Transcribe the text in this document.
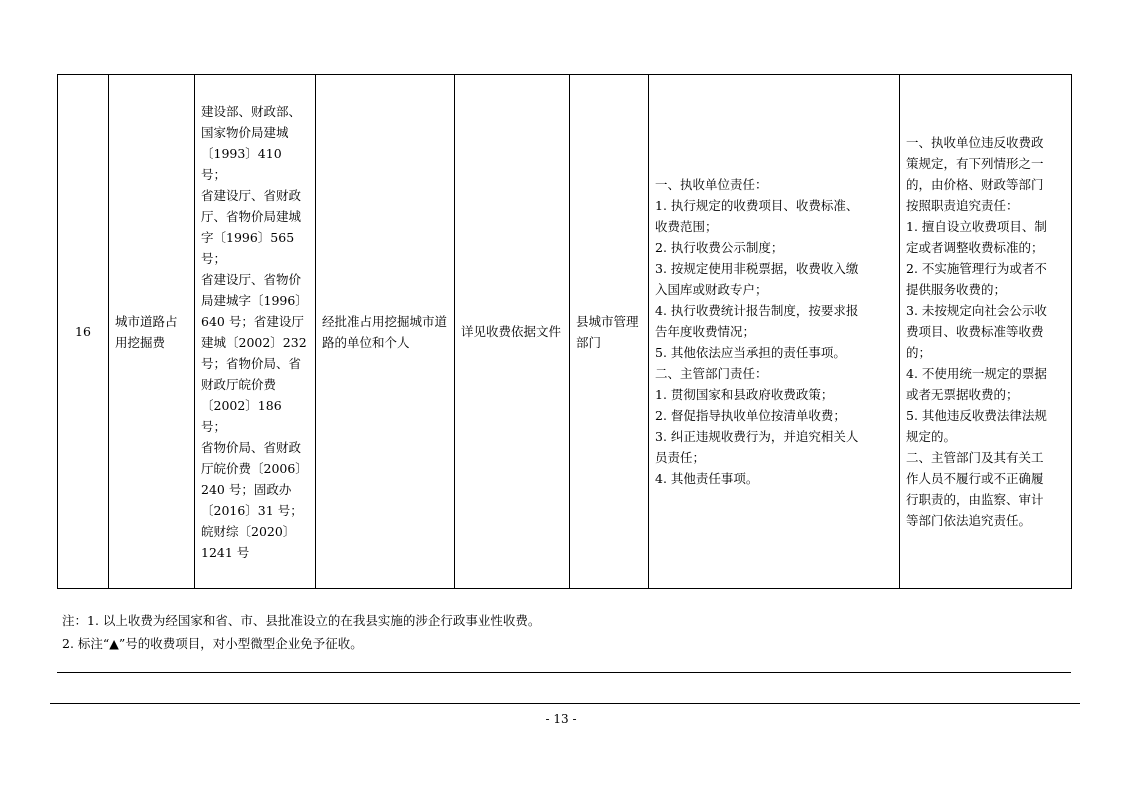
16	城市道路占用挖掘费	建设部、财政部、
国家物价局建城
〔1993〕410 号；
省建设厅、省财政
厅、省物价局建城
字〔1996〕565 号；
省建设厅、省物价
局建城字〔1996〕
640 号；省建设厅
建城〔2002〕232
号；省物价局、省
财政厅皖价费
〔2002〕186 号；
省物价局、省财政
厅皖价费〔2006〕
240 号；固政办
〔2016〕31 号；
皖财综〔2020〕
1241 号	经批准占用挖掘城市道路的单位和个人	详见收费依据文件	县城市管理部门	一、执收单位责任：
1. 执行规定的收费项目、收费标准、
收费范围；
2. 执行收费公示制度；
3. 按规定使用非税票据，收费收入缴
入国库或财政专户；
4. 执行收费统计报告制度，按要求报
告年度收费情况；
5. 其他依法应当承担的责任事项。
二、主管部门责任：
1. 贯彻国家和县政府收费政策；
2. 督促指导执收单位按清单收费；
3. 纠正违规收费行为，并追究相关人
员责任；
4. 其他责任事项。	一、执收单位违反收费政
策规定，有下列情形之一
的，由价格、财政等部门
按照职责追究责任：
1. 擅自设立收费项目、制
定或者调整收费标准的；
2. 不实施管理行为或者不
提供服务收费的；
3. 未按规定向社会公示收
费项目、收费标准等收费
的；
4. 不使用统一规定的票据
或者无票据收费的；
5. 其他违反收费法律法规
规定的。
二、主管部门及其有关工
作人员不履行或不正确履
行职责的，由监察、审计
等部门依法追究责任。
注：1. 以上收费为经国家和省、市、县批准设立的在我县实施的涉企行政事业性收费。
2. 标注“▲”号的收费项目，对小型微型企业免予征收。
- 13 -
